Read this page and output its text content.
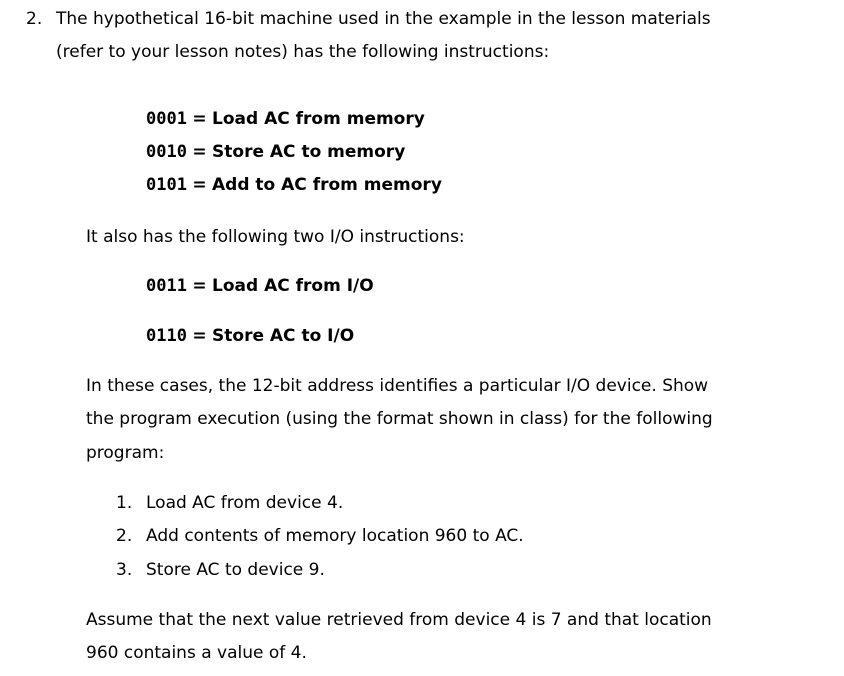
2. The hypothetical 16-bit machine used in the example in the lesson materials
(refer to your lesson notes) has the following instructions:
0001 = Load AC from memory
0010 = Store AC to memory
0101 = Add to AC from memory
It also has the following two I/O instructions:
0011 = Load AC from I/O
0110 = Store AC to I/O
In these cases, the 12-bit address identifies a particular I/O device. Show
the program execution (using the format shown in class) for the following
program:
1. Load AC from device 4.
2. Add contents of memory location 960 to AC.
3. Store AC to device 9.
Assume that the next value retrieved from device 4 is 7 and that location
960 contains a value of 4.
